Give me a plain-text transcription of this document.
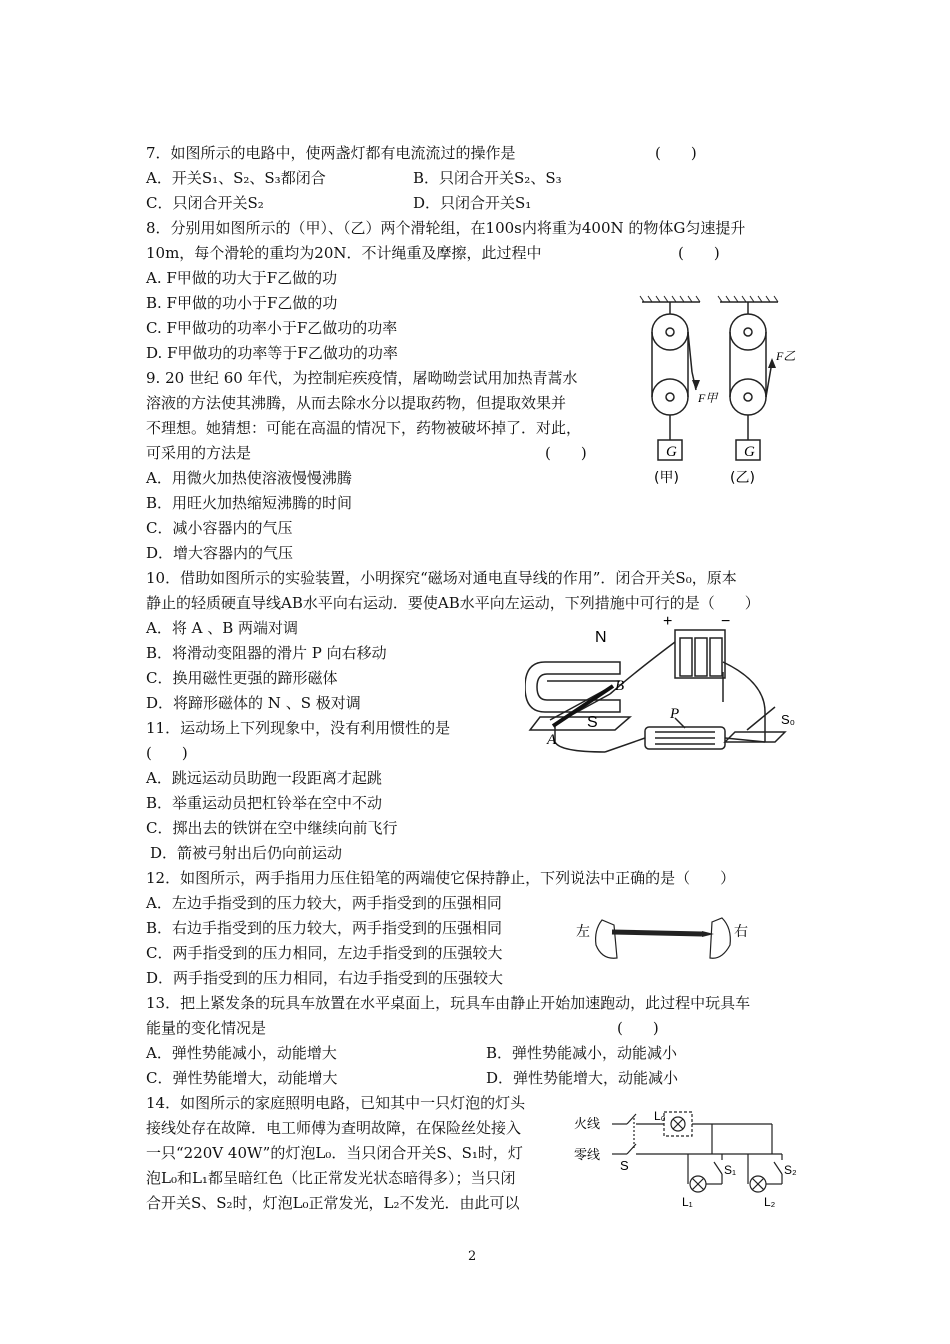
7．如图所示的电路中，使两盏灯都有电流流过的操作是	(　　)
A．开关S₁、S₂、S₃都闭合	B．只闭合开关S₂、S₃
C．只闭合开关S₂	D．只闭合开关S₁
8．分别用如图所示的（甲）、（乙）两个滑轮组，在100s内将重为400N 的物体G匀速提升
10m，每个滑轮的重均为20N．不计绳重及摩擦，此过程中	(　　)
A. F甲做的功大于F乙做的功
B. F甲做的功小于F乙做的功
C. F甲做功的功率小于F乙做功的功率
D. F甲做功的功率等于F乙做功的功率
9. 20 世纪 60 年代，为控制疟疾疫情，屠呦呦尝试用加热青蒿水
溶液的方法使其沸腾，从而去除水分以提取药物，但提取效果并
不理想。她猜想：可能在高温的情况下，药物被破坏掉了．对此，
可采用的方法是	(　　)
A．用微火加热使溶液慢慢沸腾
B．用旺火加热缩短沸腾的时间
C．减小容器内的气压
D．增大容器内的气压
10．借助如图所示的实验装置，小明探究“磁场对通电直导线的作用”．闭合开关S₀，原本
静止的轻质硬直导线AB水平向右运动．要使AB水平向左运动，下列措施中可行的是（　　）
A．将 A 、B 两端对调
B．将滑动变阻器的滑片 P 向右移动
C．换用磁性更强的蹄形磁体
D．将蹄形磁体的 N 、S 极对调
11．运动场上下列现象中，没有利用惯性的是
(　　)
A．跳远运动员助跑一段距离才起跳
B．举重运动员把杠铃举在空中不动
C．掷出去的铁饼在空中继续向前飞行
D．箭被弓射出后仍向前运动
12．如图所示，两手指用力压住铅笔的两端使它保持静止，下列说法中正确的是（　　）
A．左边手指受到的压力较大，两手指受到的压强相同
B．右边手指受到的压力较大，两手指受到的压强相同
C．两手指受到的压力相同，左边手指受到的压强较大
D．两手指受到的压力相同，右边手指受到的压强较大
13．把上紧发条的玩具车放置在水平桌面上，玩具车由静止开始加速跑动，此过程中玩具车
能量的变化情况是	(　　)
A．弹性势能减小，动能增大	B．弹性势能减小，动能减小
C．弹性势能增大，动能增大	D．弹性势能增大，动能减小
14．如图所示的家庭照明电路，已知其中一只灯泡的灯头
接线处存在故障．电工师傅为查明故障，在保险丝处接入
一只“220V 40W”的灯泡L₀．当只闭合开关S、S₁时，灯
泡L₀和L₁都呈暗红色（比正常发光状态暗得多）；当只闭
合开关S、S₂时，灯泡L₀正常发光，L₂不发光．由此可以
G	G
F甲
F乙
(甲)	(乙)
N
S
A
B
P
+	−
S₀
左	右
火线
零线
L₀
S	S₁	S₂
L₁	L₂
2
